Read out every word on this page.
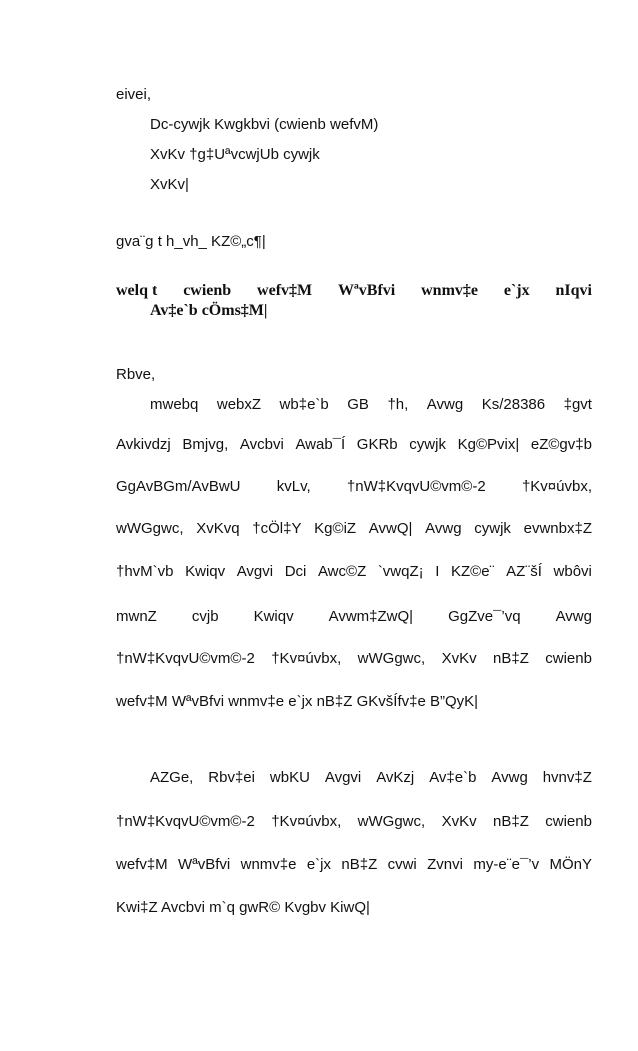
eivei,
Dc-cywjk Kwgkbvi (cwienb wefvM)
XvKv †g‡UªvcwjUb cywjk
XvKv|
gva¨g t h_vh_ KZ©„c¶|
welq t cwienb wefv‡M WªvBfvi wnmv‡e e`jx nIqvi
Av‡e`b cÖms‡M|
Rbve,
mwebq webxZ wb‡e`b GB †h, Avwg Ks/28386 ‡gvt
Avkivdzj Bmjvg, Avcbvi Awab¯Í GKRb cywjk Kg©Pvix| eZ©gv‡b
GgAvBGm/AvBwU kvLv, †nW‡KvqvU©vm©-2 †Kv¤úvbx,
wWGgwc, XvKvq †cÖl‡Y Kg©iZ AvwQ| Avwg cywjk evwnbx‡Z
†hvM`vb Kwiqv Avgvi Dci Awc©Z `vwqZ¡ I KZ©e¨ AZ¨šÍ wbôvi
mwnZ cvjb Kwiqv Avwm‡ZwQ| GgZve¯’vq Avwg
†nW‡KvqvU©vm©-2 †Kv¤úvbx, wWGgwc, XvKv nB‡Z cwienb
wefv‡M WªvBfvi wnmv‡e e`jx nB‡Z GKvšÍfv‡e B”QyK|
AZGe, Rbv‡ei wbKU Avgvi AvKzj Av‡e`b Avwg hvnv‡Z
†nW‡KvqvU©vm©-2 †Kv¤úvbx, wWGgwc, XvKv nB‡Z cwienb
wefv‡M WªvBfvi wnmv‡e e`jx nB‡Z cvwi Zvnvi my-e¨e¯’v MÖnY
Kwi‡Z Avcbvi m`q gwR© Kvgbv KiwQ|
